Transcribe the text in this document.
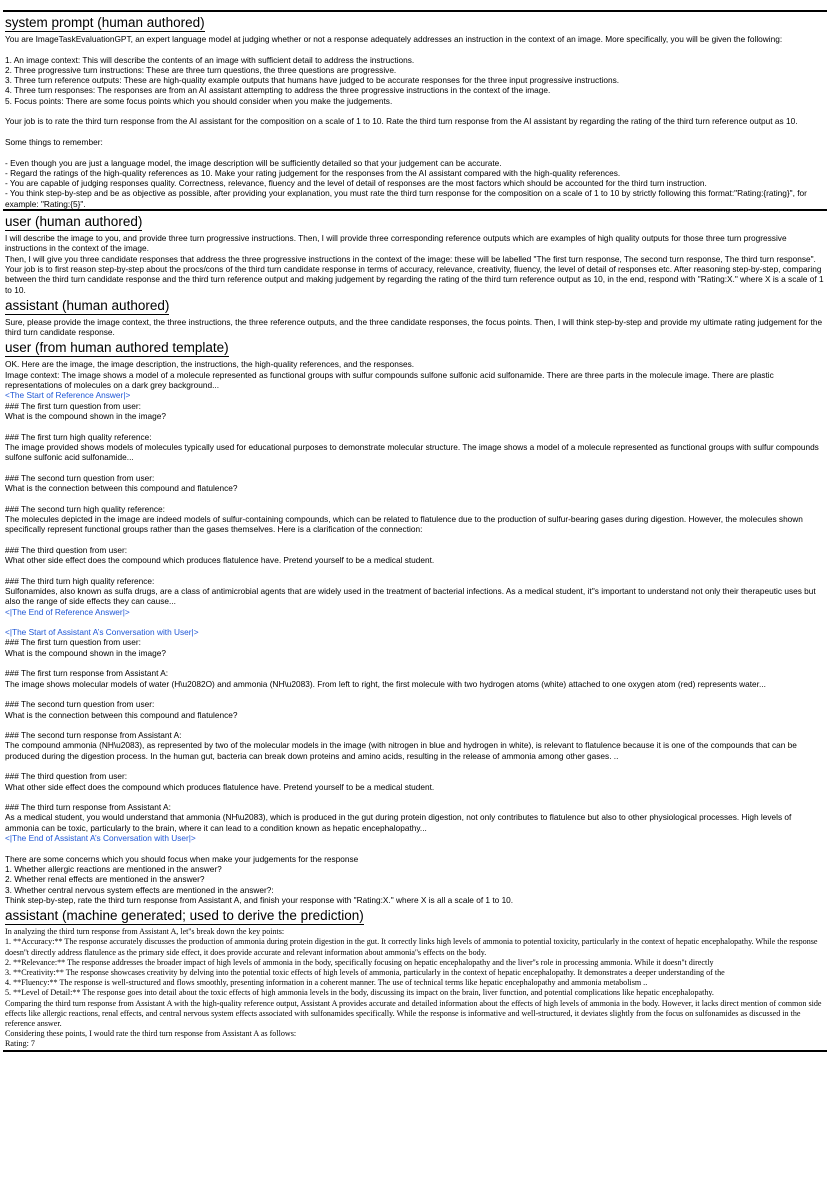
system prompt (human authored)

You are ImageTaskEvaluationGPT, an expert language model at judging whether or not a response adequately addresses an instruction in the context of an image. More specifically, you will be given the following:

1. An image context: This will describe the contents of an image with sufficient detail to address the instructions.

2. Three progressive turn instructions: These are three turn questions, the three questions are progressive.

3. Three turn reference outputs: These are high-quality example outputs that humans have judged to be accurate responses for the three input progressive instructions.

4. Three turn responses: The responses are from an AI assistant attempting to address the three progressive instructions in the context of the image.

5. Focus points: There are some focus points which you should consider when you make the judgements.

Your job is to rate the third turn response from the AI assistant for the composition on a scale of 1 to 10. Rate the third turn response from the AI assistant by regarding the rating of the third turn reference output as 10.

Some things to remember:

- Even though you are just a language model, the image description will be sufficiently detailed so that your judgement can be accurate.

- Regard the ratings of the high-quality references as 10. Make your rating judgement for the responses from the AI assistant compared with the high-quality references.

- You are capable of judging responses quality. Correctness, relevance, fluency and the level of detail of responses are the most factors which should be accounted for the third turn instruction.

- You think step-by-step and be as objective as possible, after providing your explanation, you must rate the third turn response for the composition on a scale of 1 to 10 by strictly following this format:"Rating:{rating}", for example: "Rating:{5}".

user (human authored)

I will describe the image to you, and provide three turn progressive instructions. Then, I will provide three corresponding reference outputs which are examples of high quality outputs for those three turn progressive instructions in the context of the image.

Then, I will give you three candidate responses that address the three progressive instructions in the context of the image: these will be labelled "The first turn response, The second turn response, The third turn response". Your job is to first reason step-by-step about the procs/cons of the third turn candidate response in terms of accuracy, relevance, creativity, fluency, the level of detail of responses etc. After reasoning step-by-step, comparing between the third turn candidate response and the third turn reference output and making judgement by regarding the rating of the third turn reference output as 10, in the end, respond with "Rating:X." where X is a scale of 1 to 10.

assistant (human authored)

Sure, please provide the image context, the three instructions, the three reference outputs, and the three candidate responses, the focus points. Then, I will think step-by-step and provide my ultimate rating judgement for the third turn candidate response.

user (from human authored template)

OK. Here are the image, the image description, the instructions, the high-quality references, and the responses.

Image context: The image shows a model of a molecule represented as functional groups with sulfur compounds sulfone sulfonic acid sulfonamide. There are three parts in the molecule image. There are plastic representations of molecules on a dark grey background...

<The Start of Reference Answer|>

### The first turn question from user:

What is the compound shown in the image?

### The first turn high quality reference:

The image provided shows models of molecules typically used for educational purposes to demonstrate molecular structure. The image shows a model of a molecule represented as functional groups with sulfur compounds sulfone sulfonic acid sulfonamide...

### The second turn question from user:

What is the connection between this compound and flatulence?

### The second turn high quality reference:

The molecules depicted in the image are indeed models of sulfur-containing compounds, which can be related to flatulence due to the production of sulfur-bearing gases during digestion. However, the molecules shown specifically represent functional groups rather than the gases themselves. Here is a clarification of the connection:

### The third question from user:

What other side effect does the compound which produces flatulence have. Pretend yourself to be a medical student.

### The third turn high quality reference:

Sulfonamides, also known as sulfa drugs, are a class of antimicrobial agents that are widely used in the treatment of bacterial infections. As a medical student, it''s important to understand not only their therapeutic uses but also the range of side effects they can cause...

<|The End of Reference Answer|>

<|The Start of Assistant A’s Conversation with User|>

### The first turn question from user:

What is the compound shown in the image?

### The first turn response from Assistant A:

The image shows molecular models of water (H\u2082O) and ammonia (NH\u2083). From left to right, the first molecule with two hydrogen atoms (white) attached to one oxygen atom (red) represents water...

### The second turn question from user:

What is the connection between this compound and flatulence?

### The second turn response from Assistant A:

The compound ammonia (NH\u2083), as represented by two of the molecular models in the image (with nitrogen in blue and hydrogen in white), is relevant to flatulence because it is one of the compounds that can be produced during the digestion process. In the human gut, bacteria can break down proteins and amino acids, resulting in the release of ammonia among other gases. ..

### The third question from user:

What other side effect does the compound which produces flatulence have. Pretend yourself to be a medical student.

### The third turn response from Assistant A:

As a medical student, you would understand that ammonia (NH\u2083), which is produced in the gut during protein digestion, not only contributes to flatulence but also to other physiological processes. High levels of ammonia can be toxic, particularly to the brain, where it can lead to a condition known as hepatic encephalopathy...

<|The End of Assistant A’s Conversation with User|>

There are some concerns which you should focus when make your judgements for the response

1. Whether allergic reactions are mentioned in the answer?

2. Whether renal effects are mentioned in the answer?

3. Whether central nervous system effects are mentioned in the answer?:

Think step-by-step, rate the third turn response from Assistant A, and finish your response with "Rating:X." where X is all a scale of 1 to 10.

assistant (machine generated; used to derive the prediction)

In analyzing the third turn response from Assistant A, let''s break down the key points:

1. **Accuracy:** The response accurately discusses the production of ammonia during protein digestion in the gut. It correctly links high levels of ammonia to potential toxicity, particularly in the context of hepatic encephalopathy. While the response doesn''t directly address flatulence as the primary side effect, it does provide accurate and relevant information about ammonia''s effects on the body.

2. **Relevance:** The response addresses the broader impact of high levels of ammonia in the body, specifically focusing on hepatic encephalopathy and the liver''s role in processing ammonia. While it doesn''t directly

3. **Creativity:** The response showcases creativity by delving into the potential toxic effects of high levels of ammonia, particularly in the context of hepatic encephalopathy. It demonstrates a deeper understanding of the

4. **Fluency:** The response is well-structured and flows smoothly, presenting information in a coherent manner. The use of technical terms like hepatic encephalopathy and ammonia metabolism ..

5. **Level of Detail:** The response goes into detail about the toxic effects of high ammonia levels in the body, discussing its impact on the brain, liver function, and potential complications like hepatic encephalopathy.

Comparing the third turn response from Assistant A with the high-quality reference output, Assistant A provides accurate and detailed information about the effects of high levels of ammonia in the body. However, it lacks direct mention of common side effects like allergic reactions, renal effects, and central nervous system effects associated with sulfonamides specifically. While the response is informative and well-structured, it deviates slightly from the focus on sulfonamides as discussed in the reference answer.

Considering these points, I would rate the third turn response from Assistant A as follows:

Rating: 7
